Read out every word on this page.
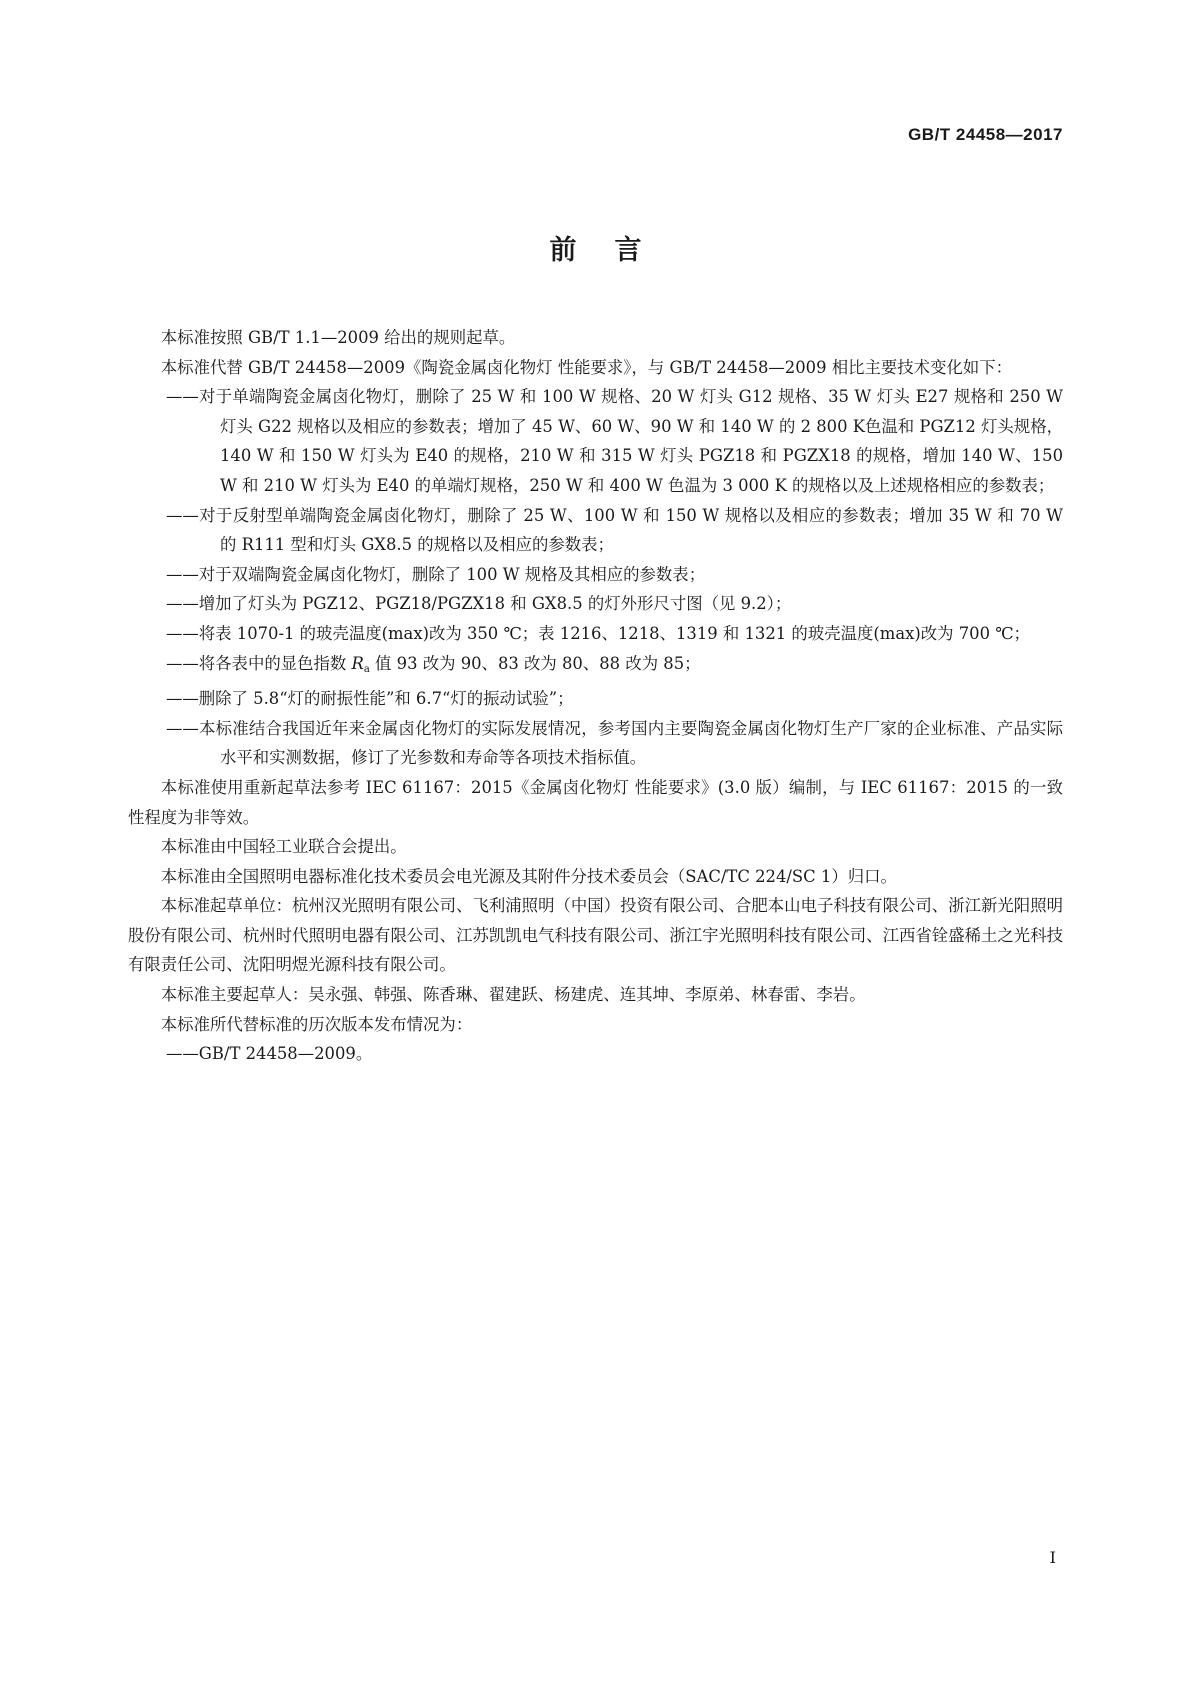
GB/T 24458—2017
前言

本标准按照 GB/T 1.1—2009 给出的规则起草。

本标准代替 GB/T 24458—2009《陶瓷金属卤化物灯 性能要求》，与 GB/T 24458—2009 相比主要技术变化如下：

——对于单端陶瓷金属卤化物灯，删除了 25 W 和 100 W 规格、20 W 灯头 G12 规格、35 W 灯头 E27 规格和 250 W 灯头 G22 规格以及相应的参数表；增加了 45 W、60 W、90 W 和 140 W 的 2 800 K色温和 PGZ12 灯头规格，140 W 和 150 W 灯头为 E40 的规格，210 W 和 315 W 灯头 PGZ18 和 PGZX18 的规格，增加 140 W、150 W 和 210 W 灯头为 E40 的单端灯规格，250 W 和 400 W 色温为 3 000 K 的规格以及上述规格相应的参数表；

——对于反射型单端陶瓷金属卤化物灯，删除了 25 W、100 W 和 150 W 规格以及相应的参数表；增加 35 W 和 70 W 的 R111 型和灯头 GX8.5 的规格以及相应的参数表；

——对于双端陶瓷金属卤化物灯，删除了 100 W 规格及其相应的参数表；

——增加了灯头为 PGZ12、PGZ18/PGZX18 和 GX8.5 的灯外形尺寸图（见 9.2）；

——将表 1070-1 的玻壳温度(max)改为 350 ℃；表 1216、1218、1319 和 1321 的玻壳温度(max)改为 700 ℃；

——将各表中的显色指数 $R_a$ 值 93 改为 90、83 改为 80、88 改为 85；

——删除了 5.8“灯的耐振性能”和 6.7“灯的振动试验”；

——本标准结合我国近年来金属卤化物灯的实际发展情况，参考国内主要陶瓷金属卤化物灯生产厂家的企业标准、产品实际水平和实测数据，修订了光参数和寿命等各项技术指标值。

本标准使用重新起草法参考 IEC 61167：2015《金属卤化物灯 性能要求》(3.0 版）编制，与 IEC 61167：2015 的一致性程度为非等效。

本标准由中国轻工业联合会提出。

本标准由全国照明电器标准化技术委员会电光源及其附件分技术委员会（SAC/TC 224/SC 1）归口。

本标准起草单位：杭州汉光照明有限公司、飞利浦照明（中国）投资有限公司、合肥本山电子科技有限公司、浙江新光阳照明股份有限公司、杭州时代照明电器有限公司、江苏凯凯电气科技有限公司、浙江宇光照明科技有限公司、江西省铨盛稀土之光科技有限责任公司、沈阳明煜光源科技有限公司。

本标准主要起草人：吴永强、韩强、陈香琳、翟建跃、杨建虎、连其坤、李原弟、林春雷、李岩。

本标准所代替标准的历次版本发布情况为：

——GB/T 24458—2009。

I
